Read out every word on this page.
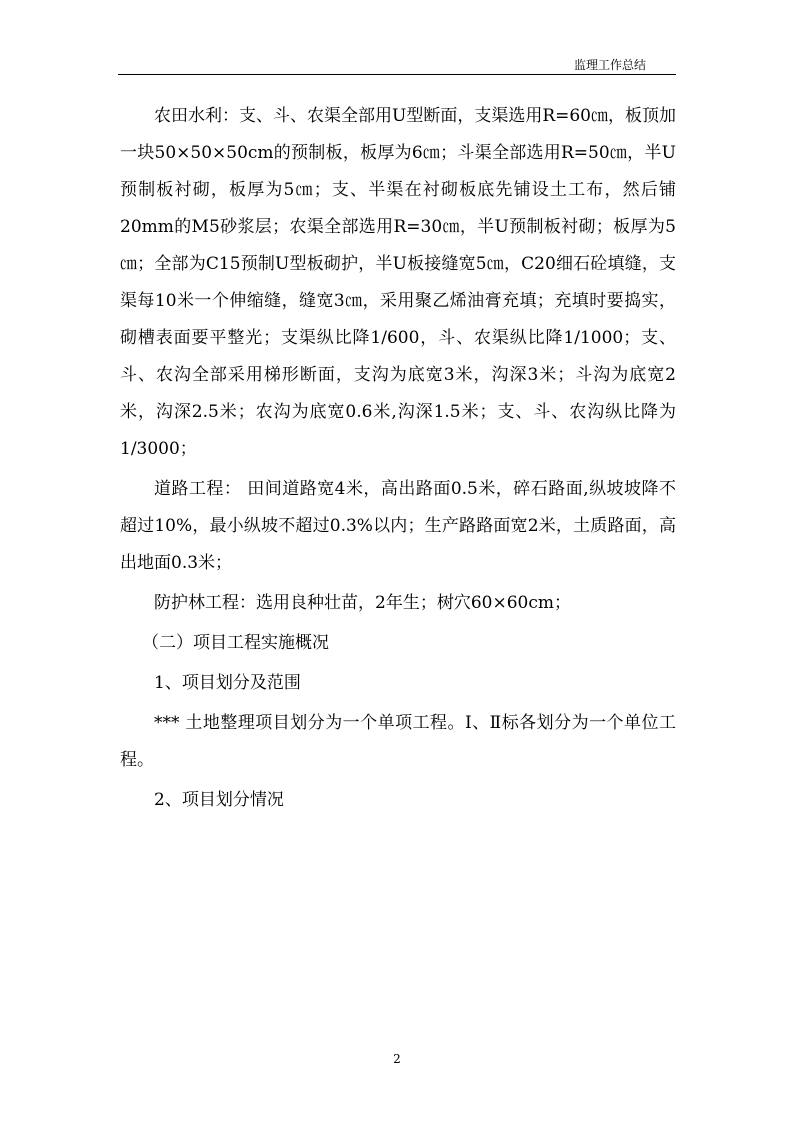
监理工作总结

农田水利：支、斗、农渠全部用U型断面，支渠选用R=60㎝，板顶加一块50×50×50cm的预制板，板厚为6㎝；斗渠全部选用R=50㎝，半U预制板衬砌，板厚为5㎝；支、半渠在衬砌板底先铺设土工布，然后铺20mm的M5砂浆层；农渠全部选用R=30㎝，半U预制板衬砌；板厚为5㎝；全部为C15预制U型板砌护，半U板接缝宽5㎝，C20细石砼填缝，支渠每10米一个伸缩缝，缝宽3㎝，采用聚乙烯油膏充填；充填时要捣实，砌槽表面要平整光；支渠纵比降1/600，斗、农渠纵比降1/1000；支、斗、农沟全部采用梯形断面，支沟为底宽3米，沟深3米；斗沟为底宽2米，沟深2.5米；农沟为底宽0.6米,沟深1.5米；支、斗、农沟纵比降为1/3000；

道路工程： 田间道路宽4米，高出路面0.5米，碎石路面,纵坡坡降不超过10%，最小纵坡不超过0.3%以内；生产路路面宽2米，土质路面，高出地面0.3米；

防护林工程：选用良种壮苗，2年生；树穴60×60cm；

（二）项目工程实施概况

1、项目划分及范围

*** 土地整理项目划分为一个单项工程。Ⅰ、Ⅱ标各划分为一个单位工程。

2、项目划分情况

2
